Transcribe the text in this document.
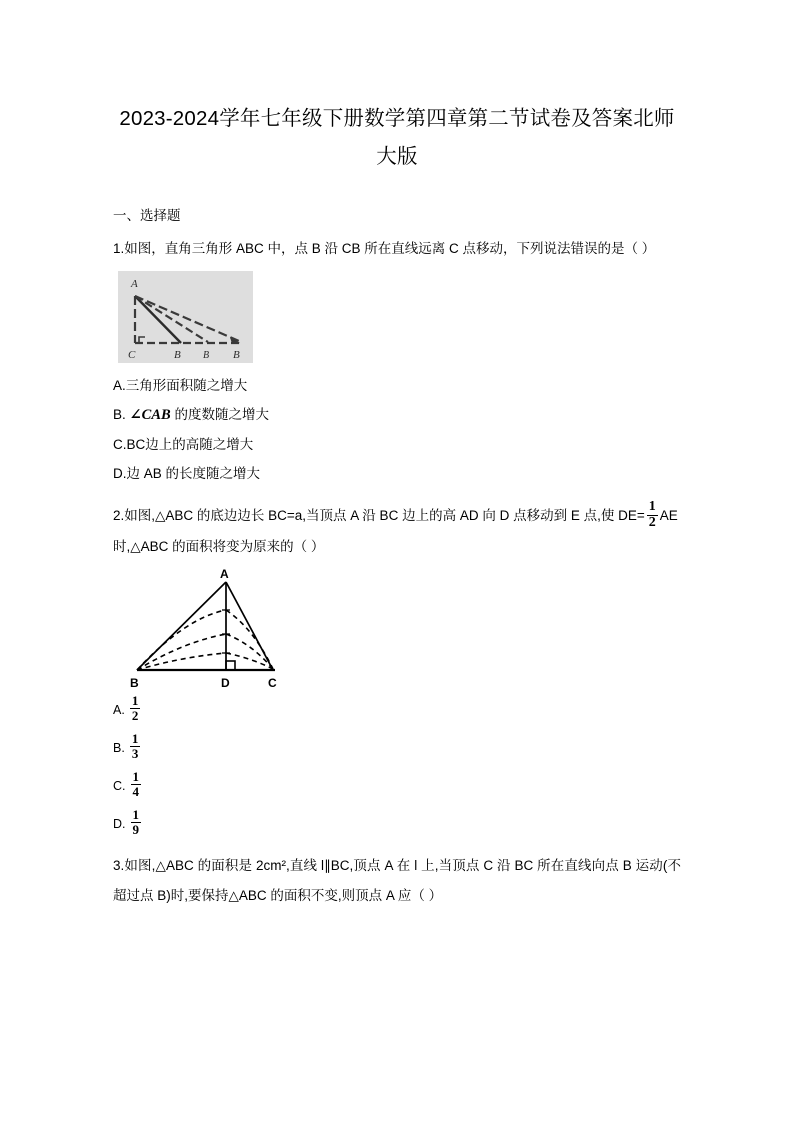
2023-2024学年七年级下册数学第四章第二节试卷及答案北师大版
一、选择题
1.如图，直角三角形 ABC 中，点 B 沿 CB 所在直线远离 C 点移动，下列说法错误的是（ ）
A
C	B B B
A.三角形面积随之增大
B. ∠CAB 的度数随之增大
C.BC边上的高随之增大
D.边 AB 的长度随之增大
2.如图,△ABC 的底边边长 BC=a,当顶点 A 沿 BC 边上的高 AD 向 D 点移动到 E 点,使 $DE= \frac{1}{2}$ AE
时,△ABC 的面积将变为原来的（ ）
A
B	D	C
A. $\frac{1}{2}$
B. $\frac{1}{3}$
C. $\frac{1}{4}$
D. $\frac{1}{9}$
3.如图,△ABC 的面积是 2cm²,直线 l∥BC,顶点 A 在 l 上,当顶点 C 沿 BC 所在直线向点 B 运动(不超过点 B)时,要保持△ABC 的面积不变,则顶点 A 应（ ）
